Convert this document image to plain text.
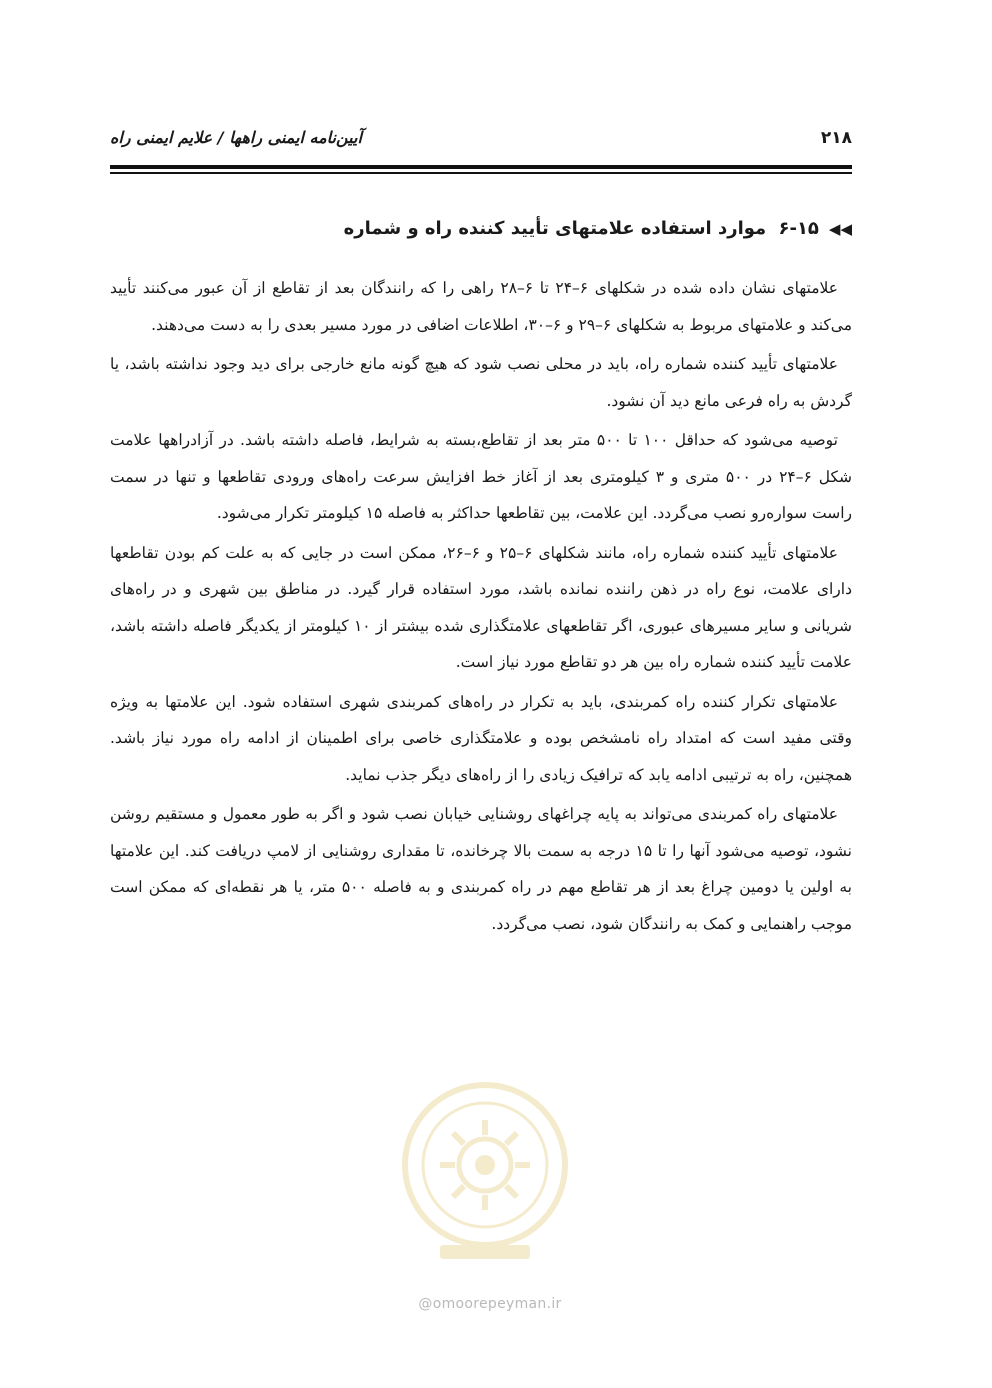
۲۱۸
آیین‌نامه ایمنی راهها / علایم ایمنی راه
◀◀۶-۱۵ موارد استفاده علامتهای تأیید کننده راه و شماره

علامتهای نشان داده شده در شکلهای ۶–۲۴ تا ۶–۲۸ راهی را که رانندگان بعد از تقاطع از آن عبور می‌کنند تأیید می‌کند و علامتهای مربوط به شکلهای ۶–۲۹ و ۶–۳۰، اطلاعات اضافی در مورد مسیر بعدی را به دست می‌دهند.

علامتهای تأیید کننده شماره راه، باید در محلی نصب شود که هیچ گونه مانع خارجی برای دید وجود نداشته باشد، یا گردش به راه فرعی مانع دید آن نشود.

توصیه می‌شود که حداقل ۱۰۰ تا ۵۰۰ متر بعد از تقاطع،بسته به شرایط، فاصله داشته باشد. در آزادراهها علامت شکل ۶–۲۴ در ۵۰۰ متری و ۳ کیلومتری بعد از آغاز خط افزایش سرعت راه‌های ورودی تقاطعها و تنها در سمت راست سواره‌رو نصب می‌گردد. این علامت، بین تقاطعها حداکثر به فاصله ۱۵ کیلومتر تکرار می‌شود.

علامتهای تأیید کننده شماره راه، مانند شکلهای ۶–۲۵ و ۶–۲۶، ممکن است در جایی که به علت کم بودن تقاطعها دارای علامت، نوع راه در ذهن راننده نمانده باشد، مورد استفاده قرار گیرد. در مناطق بین شهری و در راه‌های شریانی و سایر مسیرهای عبوری، اگر تقاطعهای علامتگذاری شده بیشتر از ۱۰ کیلومتر از یکدیگر فاصله داشته باشد، علامت تأیید کننده شماره راه بین هر دو تقاطع مورد نیاز است.

علامتهای تکرار کننده راه کمربندی، باید به تکرار در راه‌های کمربندی شهری استفاده شود. این علامتها به ویژه وقتی مفید است که امتداد راه نامشخص بوده و علامتگذاری خاصی برای اطمینان از ادامه راه مورد نیاز باشد. همچنین، راه به ترتیبی ادامه یابد که ترافیک زیادی را از راه‌های دیگر جذب نماید.

علامتهای راه کمربندی می‌تواند به پایه چراغهای روشنایی خیابان نصب شود و اگر به طور معمول و مستقیم روشن نشود، توصیه می‌شود آنها را تا ۱۵ درجه به سمت بالا چرخانده، تا مقداری روشنایی از لامپ دریافت کند. این علامتها به اولین یا دومین چراغ بعد از هر تقاطع مهم در راه کمربندی و به فاصله ۵۰۰ متر، یا هر نقطه‌ای که ممکن است موجب راهنمایی و کمک به رانندگان شود، نصب می‌گردد.

@omoorepeyman.ir
